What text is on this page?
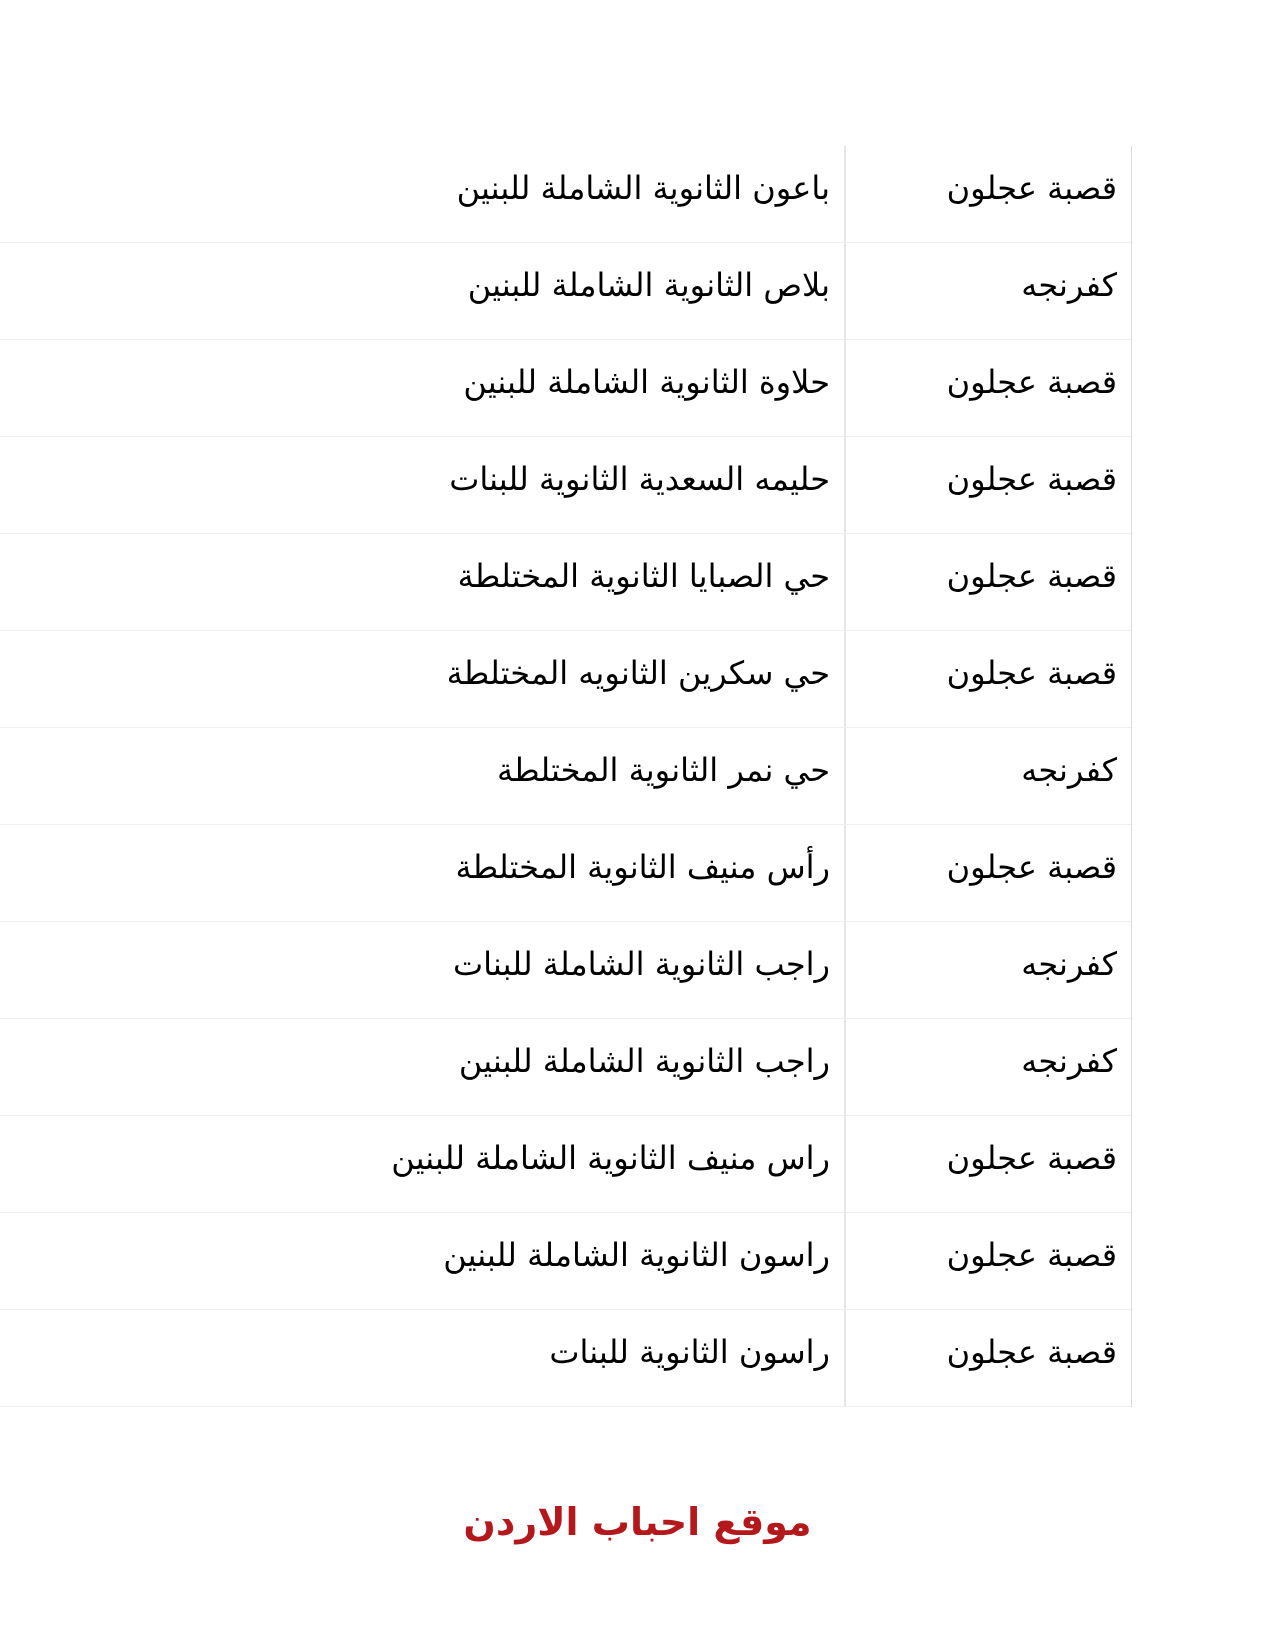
قصبة عجلون
باعون الثانوية الشاملة للبنين
كفرنجه
بلاص الثانوية الشاملة للبنين
قصبة عجلون
حلاوة الثانوية الشاملة للبنين
قصبة عجلون
حليمه السعدية الثانوية للبنات
قصبة عجلون
حي الصبايا الثانوية المختلطة
قصبة عجلون
حي سكرين الثانويه المختلطة
كفرنجه
حي نمر الثانوية المختلطة
قصبة عجلون
رأس منيف الثانوية المختلطة
كفرنجه
راجب الثانوية الشاملة للبنات
كفرنجه
راجب الثانوية الشاملة للبنين
قصبة عجلون
راس منيف الثانوية الشاملة للبنين
قصبة عجلون
راسون الثانوية الشاملة للبنين
قصبة عجلون
راسون الثانوية للبنات
موقع احباب الاردن
